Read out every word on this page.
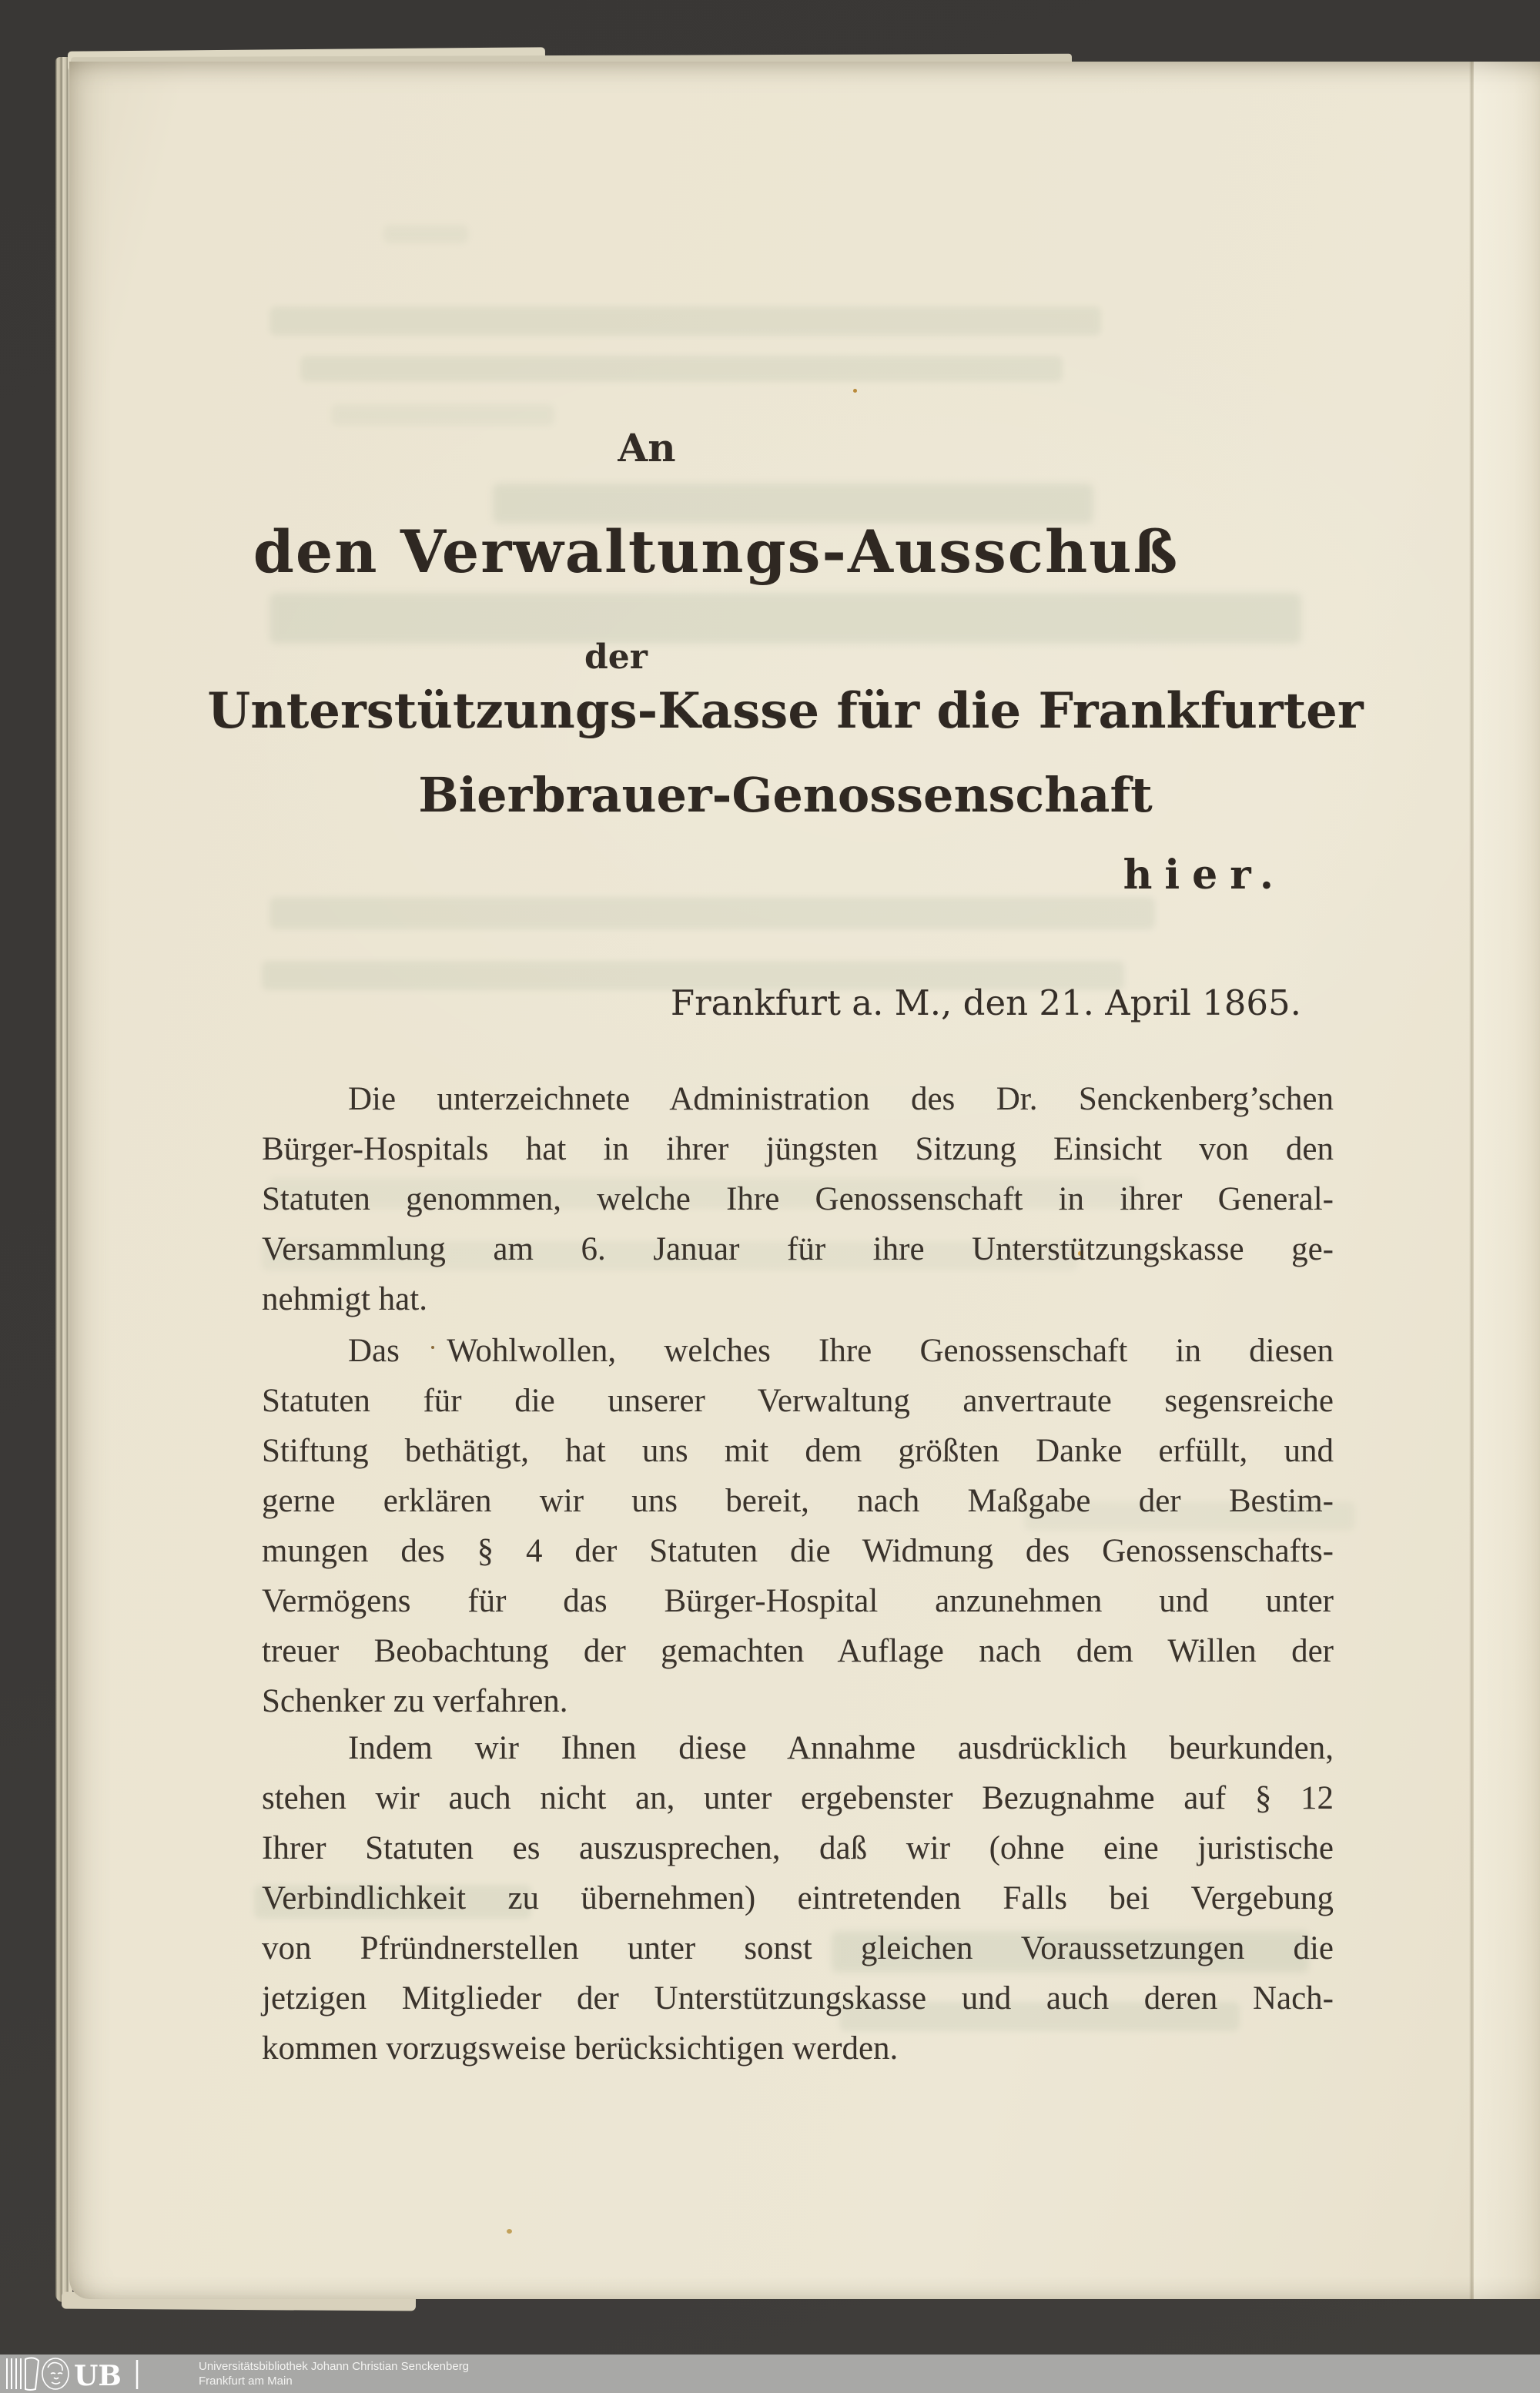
An
den Verwaltungs-Ausschuß
der
Unterstützungs-Kasse für die Frankfurter
Bierbrauer-Genossenschaft
hier.
Frankfurt a. M., den 21. April 1865.
Die unterzeichnete Administration des Dr. Senckenberg’schen
Bürger-Hospitals hat in ihrer jüngsten Sitzung Einsicht von den
Statuten genommen, welche Ihre Genossenschaft in ihrer General-
Versammlung am 6. Januar für ihre Unterstützungskasse ge-
nehmigt hat.
Das Wohlwollen, welches Ihre Genossenschaft in diesen
Statuten für die unserer Verwaltung anvertraute segensreiche
Stiftung bethätigt, hat uns mit dem größten Danke erfüllt, und
gerne erklären wir uns bereit, nach Maßgabe der Bestim-
mungen des § 4 der Statuten die Widmung des Genossenschafts-
Vermögens für das Bürger-Hospital anzunehmen und unter
treuer Beobachtung der gemachten Auflage nach dem Willen der
Schenker zu verfahren.
Indem wir Ihnen diese Annahme ausdrücklich beurkunden,
stehen wir auch nicht an, unter ergebenster Bezugnahme auf § 12
Ihrer Statuten es auszusprechen, daß wir (ohne eine juristische
Verbindlichkeit zu übernehmen) eintretenden Falls bei Vergebung
von Pfründnerstellen unter sonst gleichen Voraussetzungen die
jetzigen Mitglieder der Unterstützungskasse und auch deren Nach-
kommen vorzugsweise berücksichtigen werden.
UB	Universitätsbibliothek Johann Christian Senckenberg
Frankfurt am Main
